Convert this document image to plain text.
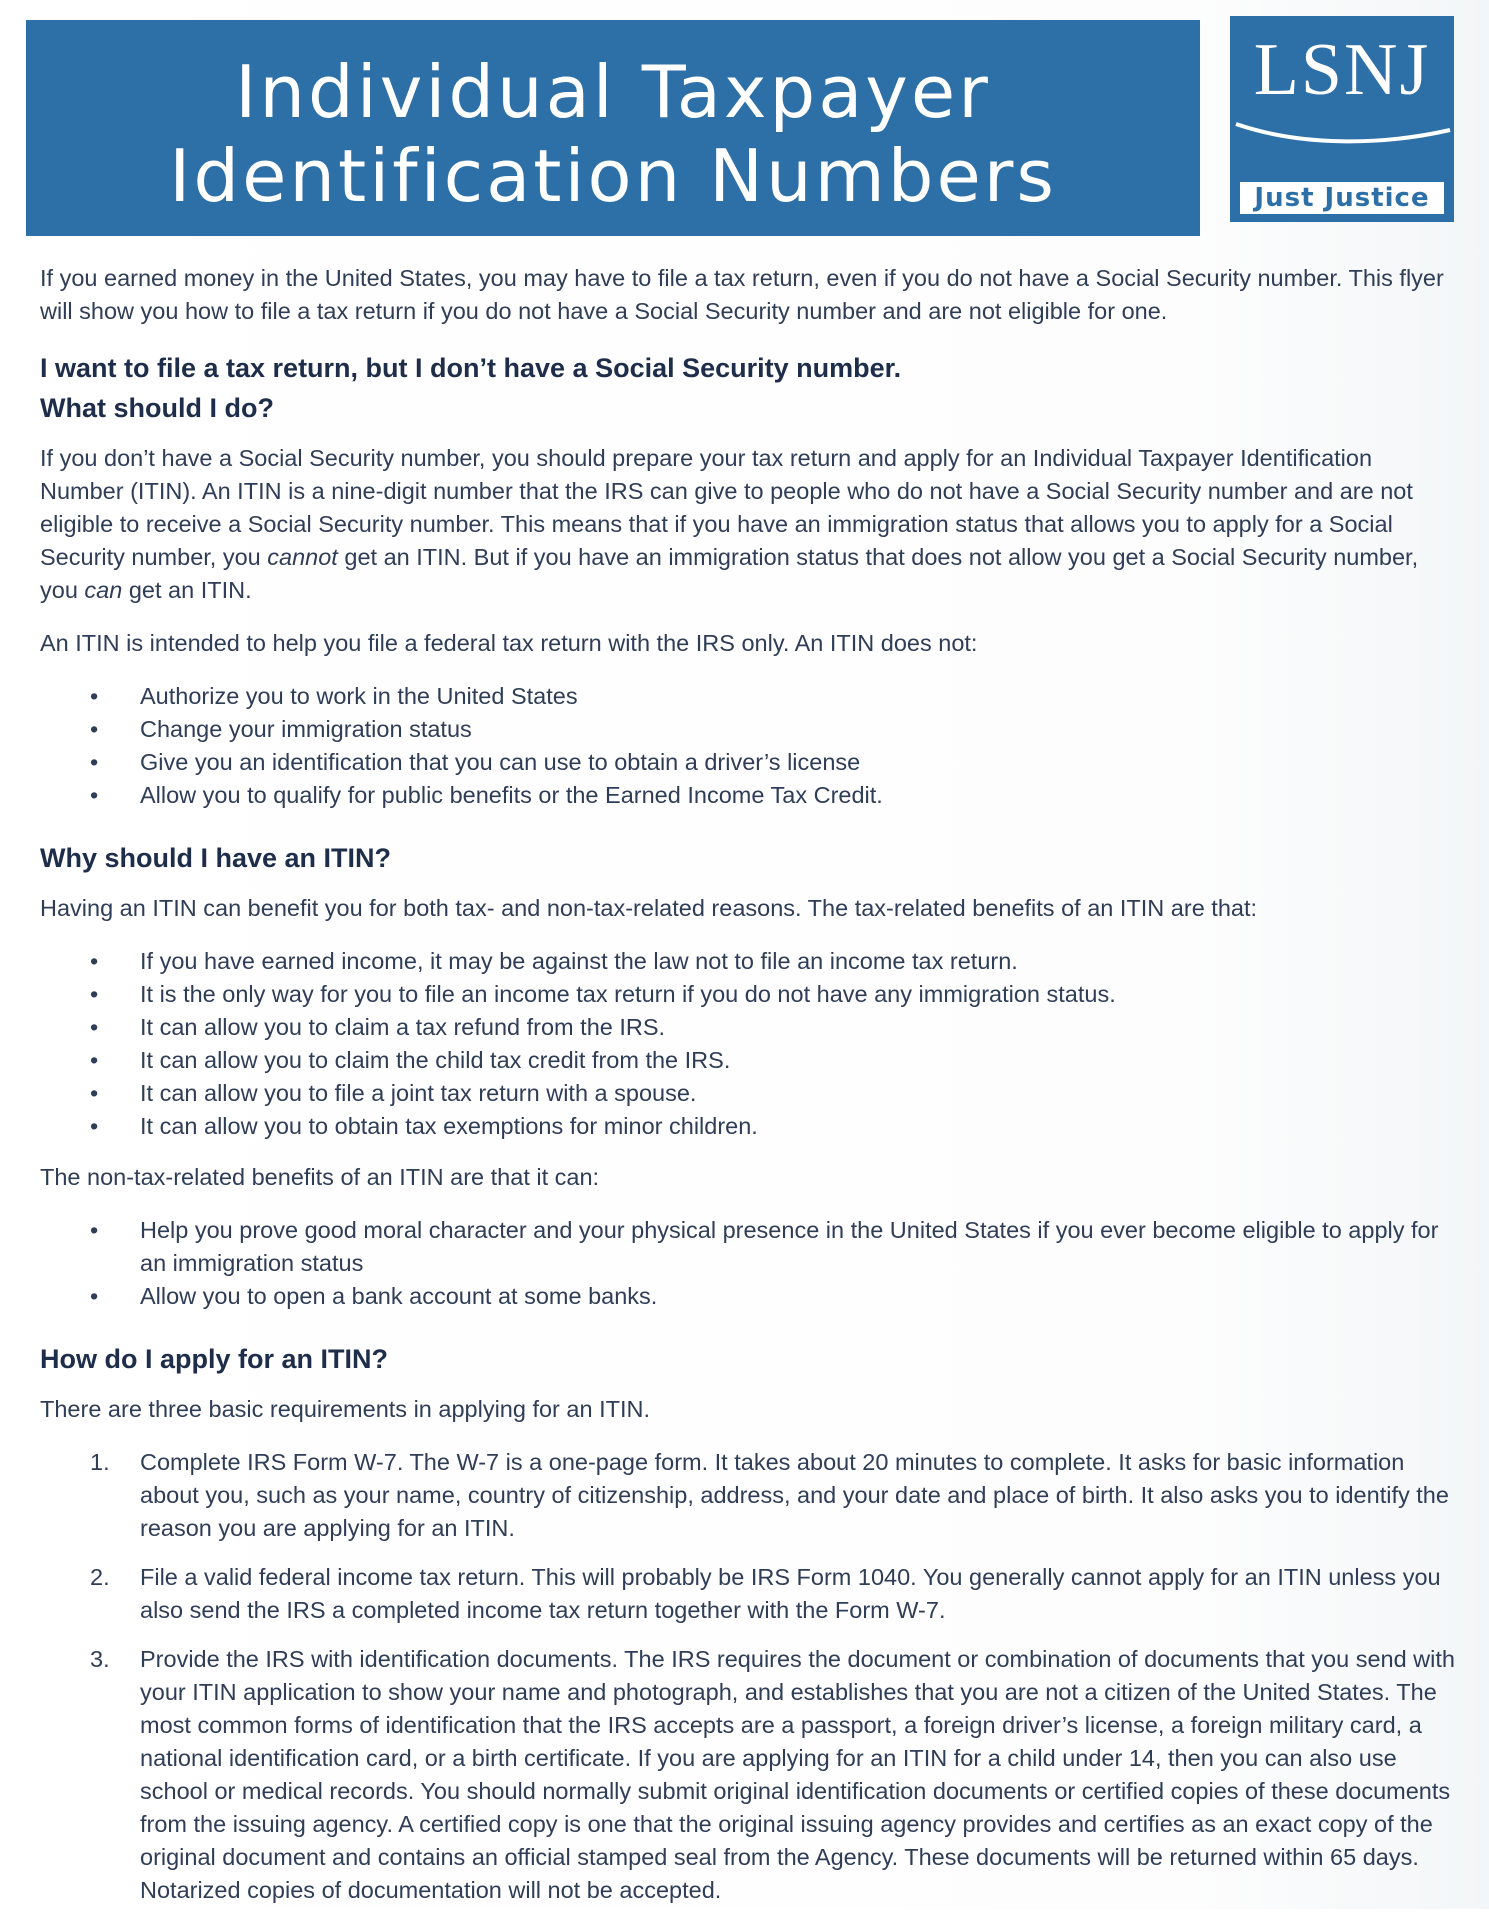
Individual Taxpayer
Identification Numbers
LSNJ
Just Justice

If you earned money in the United States, you may have to file a tax return, even if you do not have a Social Security number. This flyer will show you how to file a tax return if you do not have a Social Security number and are not eligible for one.

I want to file a tax return, but I don’t have a Social Security number.
What should I do?

If you don’t have a Social Security number, you should prepare your tax return and apply for an Individual Taxpayer Identification Number (ITIN). An ITIN is a nine-digit number that the IRS can give to people who do not have a Social Security number and are not eligible to receive a Social Security number. This means that if you have an immigration status that allows you to apply for a Social Security number, you cannot get an ITIN. But if you have an immigration status that does not allow you get a Social Security number, you can get an ITIN.

An ITIN is intended to help you file a federal tax return with the IRS only. An ITIN does not:

• Authorize you to work in the United States
• Change your immigration status
• Give you an identification that you can use to obtain a driver’s license
• Allow you to qualify for public benefits or the Earned Income Tax Credit.
Why should I have an ITIN?

Having an ITIN can benefit you for both tax- and non-tax-related reasons. The tax-related benefits of an ITIN are that:

• If you have earned income, it may be against the law not to file an income tax return.
• It is the only way for you to file an income tax return if you do not have any immigration status.
• It can allow you to claim a tax refund from the IRS.
• It can allow you to claim the child tax credit from the IRS.
• It can allow you to file a joint tax return with a spouse.
• It can allow you to obtain tax exemptions for minor children.

The non-tax-related benefits of an ITIN are that it can:

• Help you prove good moral character and your physical presence in the United States if you ever become eligible to apply for an immigration status
• Allow you to open a bank account at some banks.
How do I apply for an ITIN?

There are three basic requirements in applying for an ITIN.

1. Complete IRS Form W-7. The W-7 is a one-page form. It takes about 20 minutes to complete. It asks for basic information about you, such as your name, country of citizenship, address, and your date and place of birth. It also asks you to identify the reason you are applying for an ITIN.
2. File a valid federal income tax return. This will probably be IRS Form 1040. You generally cannot apply for an ITIN unless you also send the IRS a completed income tax return together with the Form W-7.
3. Provide the IRS with identification documents. The IRS requires the document or combination of documents that you send with your ITIN application to show your name and photograph, and establishes that you are not a citizen of the United States. The most common forms of identification that the IRS accepts are a passport, a foreign driver’s license, a foreign military card, a national identification card, or a birth certificate. If you are applying for an ITIN for a child under 14, then you can also use school or medical records. You should normally submit original identification documents or certified copies of these documents from the issuing agency. A certified copy is one that the original issuing agency provides and certifies as an exact copy of the original document and contains an official stamped seal from the Agency. These documents will be returned within 65 days. Notarized copies of documentation will not be accepted.
